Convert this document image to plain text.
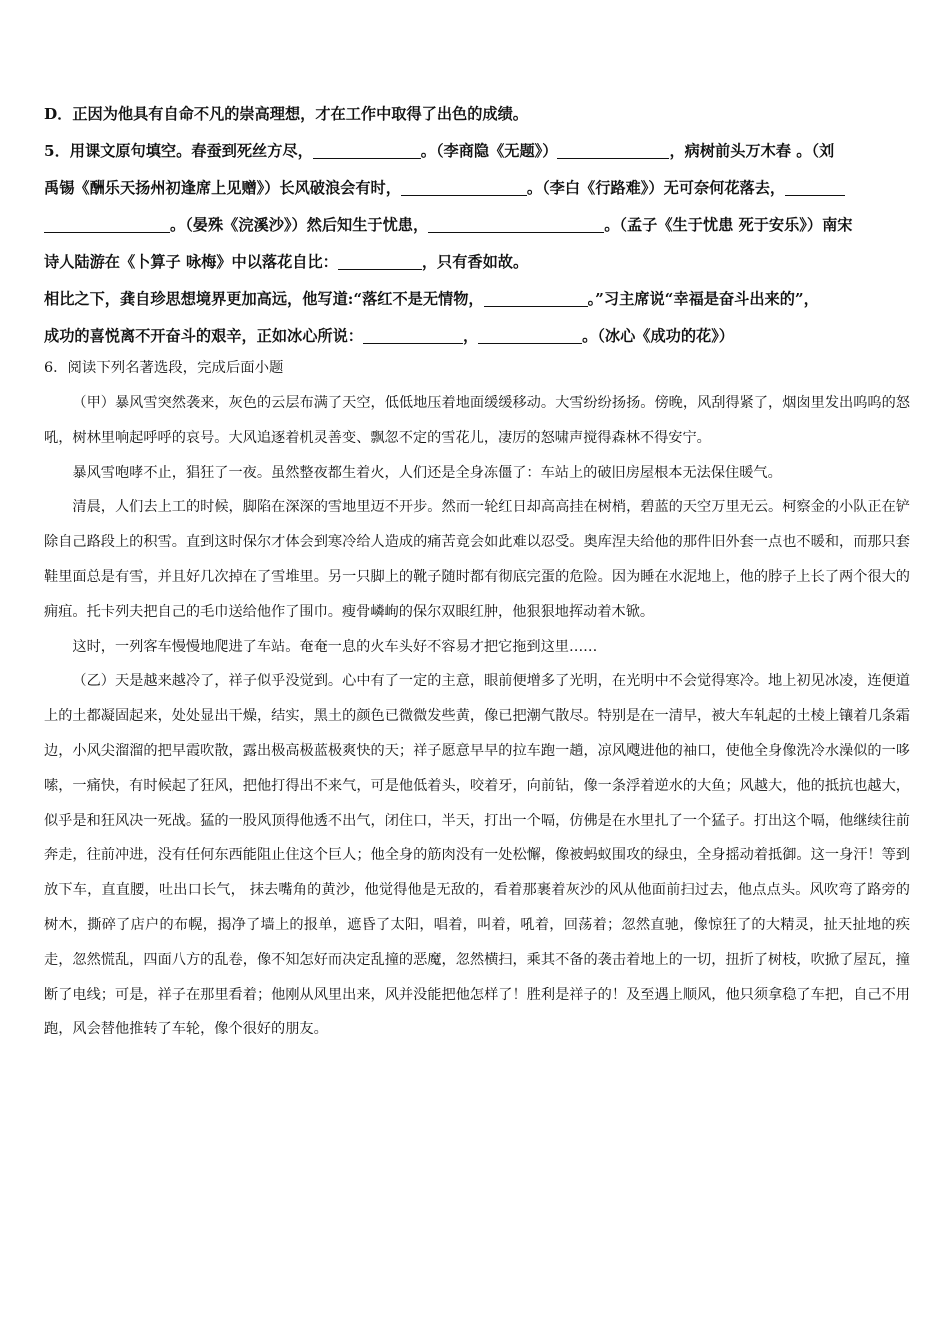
D．正因为他具有自命不凡的崇高理想，才在工作中取得了出色的成绩。
5．用课文原句填空。春蚕到死丝方尽，	。（李商隐《无题》）	，病树前头万木春 。（刘
禹锡《酬乐天扬州初逢席上见赠》）长风破浪会有时，	。（李白《行路难》）无可奈何花落去，
。（晏殊《浣溪沙》）然后知生于忧患，	。（孟子《生于忧患 死于安乐》）南宋
诗人陆游在《卜算子 咏梅》中以落花自比：	，只有香如故。
相比之下，龚自珍思想境界更加高远，他写道:“落红不是无情物，	。”习主席说“幸福是奋斗出来的”，
成功的喜悦离不开奋斗的艰辛，正如冰心所说：	，	。（冰心《成功的花》）
6．阅读下列名著选段，完成后面小题
（甲）暴风雪突然袭来，灰色的云层布满了天空，低低地压着地面缓缓移动。大雪纷纷扬扬。傍晚，风刮得紧了，烟囱里发出呜呜的怒吼，树林里响起呼呼的哀号。大风追逐着机灵善变、飘忽不定的雪花儿，凄厉的怒啸声搅得森林不得安宁。
暴风雪咆哮不止，猖狂了一夜。虽然整夜都生着火，人们还是全身冻僵了：车站上的破旧房屋根本无法保住暖气。
清晨，人们去上工的时候，脚陷在深深的雪地里迈不开步。然而一轮红日却高高挂在树梢，碧蓝的天空万里无云。柯察金的小队正在铲除自己路段上的积雪。直到这时保尔才体会到寒冷给人造成的痛苦竟会如此难以忍受。奥库涅夫给他的那件旧外套一点也不暖和，而那只套鞋里面总是有雪，并且好几次掉在了雪堆里。另一只脚上的靴子随时都有彻底完蛋的危险。因为睡在水泥地上，他的脖子上长了两个很大的痈疽。托卡列夫把自己的毛巾送给他作了围巾。瘦骨嶙峋的保尔双眼红肿，他狠狠地挥动着木锨。
这时，一列客车慢慢地爬进了车站。奄奄一息的火车头好不容易才把它拖到这里……
（乙）天是越来越冷了，祥子似乎没觉到。心中有了一定的主意，眼前便增多了光明，在光明中不会觉得寒冷。地上初见冰凌，连便道上的土都凝固起来，处处显出干燥，结实，黑土的颜色已微微发些黄，像已把潮气散尽。特别是在一清早，被大车轧起的土棱上镶着几条霜边，小风尖溜溜的把早霞吹散，露出极高极蓝极爽快的天；祥子愿意早早的拉车跑一趟，凉风飕进他的袖口，使他全身像洗冷水澡似的一哆嗦，一痛快，有时候起了狂风，把他打得出不来气，可是他低着头，咬着牙，向前钻，像一条浮着逆水的大鱼；风越大，他的抵抗也越大，似乎是和狂风决一死战。猛的一股风顶得他透不出气，闭住口，半天，打出一个嗝，仿佛是在水里扎了一个猛子。打出这个嗝，他继续往前奔走，往前冲进，没有任何东西能阻止住这个巨人；他全身的筋肉没有一处松懈，像被蚂蚁围攻的绿虫，全身摇动着抵御。这一身汗！等到放下车，直直腰，吐出口长气， 抹去嘴角的黄沙，他觉得他是无敌的，看着那裹着灰沙的风从他面前扫过去，他点点头。风吹弯了路旁的树木，撕碎了店户的布幌，揭净了墙上的报单，遮昏了太阳，唱着，叫着，吼着，回荡着；忽然直驰，像惊狂了的大精灵，扯天扯地的疾走，忽然慌乱，四面八方的乱卷，像不知怎好而决定乱撞的恶魔，忽然横扫，乘其不备的袭击着地上的一切，扭折了树枝，吹掀了屋瓦，撞断了电线；可是，祥子在那里看着；他刚从风里出来，风并没能把他怎样了！胜利是祥子的！及至遇上顺风，他只须拿稳了车把，自己不用跑，风会替他推转了车轮，像个很好的朋友。
